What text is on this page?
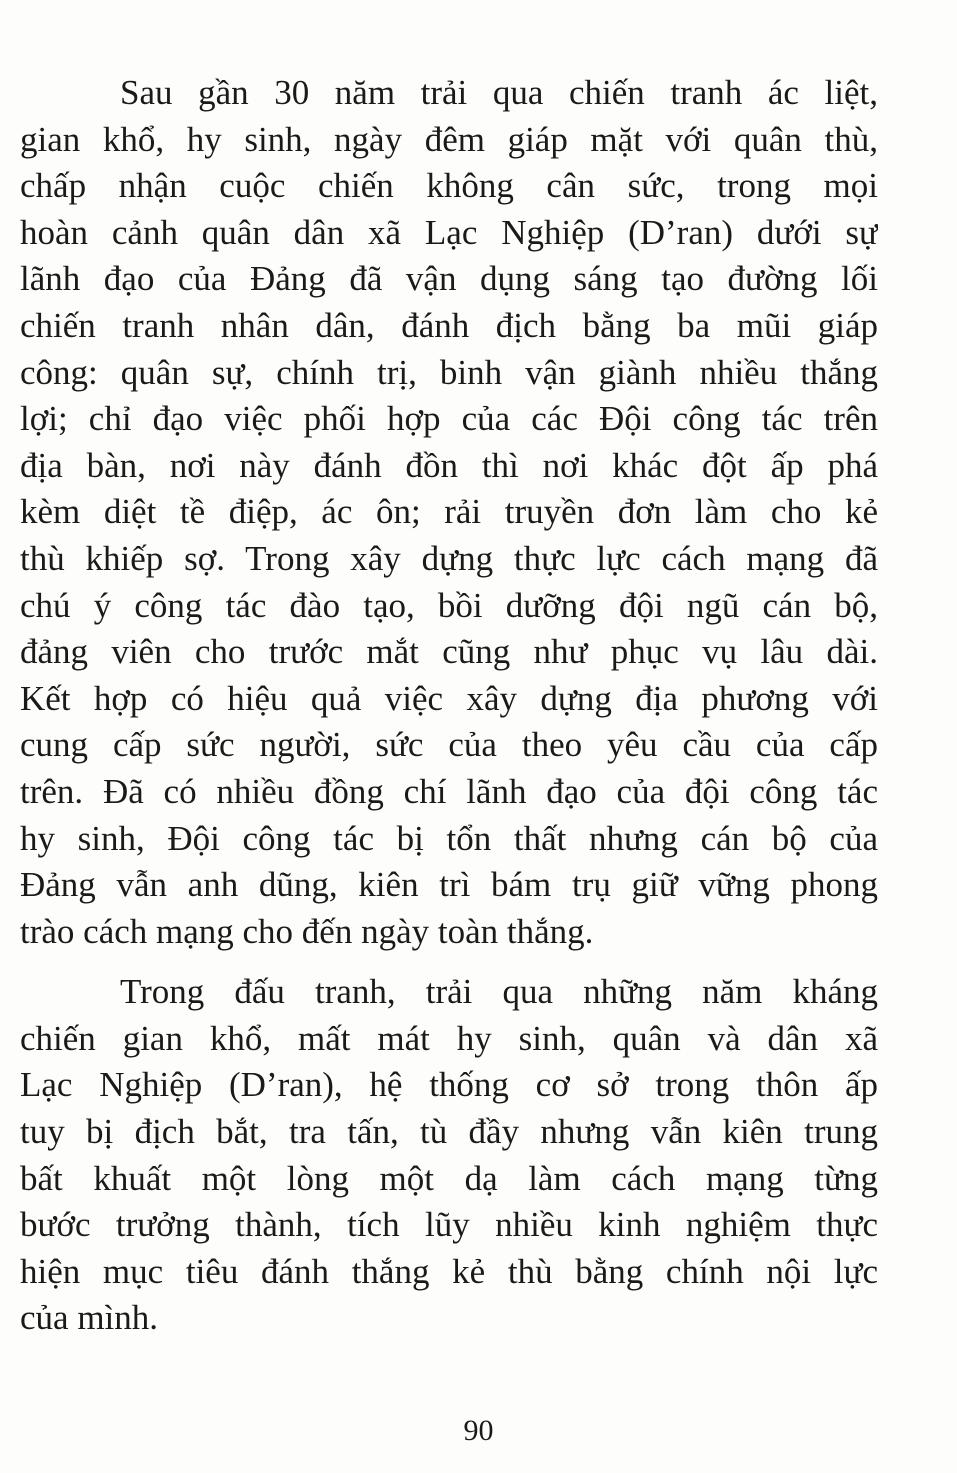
Sau gần 30 năm trải qua chiến tranh ác liệt,
gian khổ, hy sinh, ngày đêm giáp mặt với quân thù,
chấp nhận cuộc chiến không cân sức, trong mọi
hoàn cảnh quân dân xã Lạc Nghiệp (D’ran) dưới sự
lãnh đạo của Đảng đã vận dụng sáng tạo đường lối
chiến tranh nhân dân, đánh địch bằng ba mũi giáp
công: quân sự, chính trị, binh vận giành nhiều thắng
lợi; chỉ đạo việc phối hợp của các Đội công tác trên
địa bàn, nơi này đánh đồn thì nơi khác đột ấp phá
kèm diệt tề điệp, ác ôn; rải truyền đơn làm cho kẻ
thù khiếp sợ. Trong xây dựng thực lực cách mạng đã
chú ý công tác đào tạo, bồi dưỡng đội ngũ cán bộ,
đảng viên cho trước mắt cũng như phục vụ lâu dài.
Kết hợp có hiệu quả việc xây dựng địa phương với
cung cấp sức người, sức của theo yêu cầu của cấp
trên. Đã có nhiều đồng chí lãnh đạo của đội công tác
hy sinh, Đội công tác bị tổn thất nhưng cán bộ của
Đảng vẫn anh dũng, kiên trì bám trụ giữ vững phong
trào cách mạng cho đến ngày toàn thắng.
Trong đấu tranh, trải qua những năm kháng
chiến gian khổ, mất mát hy sinh, quân và dân xã
Lạc Nghiệp (D’ran), hệ thống cơ sở trong thôn ấp
tuy bị địch bắt, tra tấn, tù đầy nhưng vẫn kiên trung
bất khuất một lòng một dạ làm cách mạng từng
bước trưởng thành, tích lũy nhiều kinh nghiệm thực
hiện mục tiêu đánh thắng kẻ thù bằng chính nội lực
của mình.
90
